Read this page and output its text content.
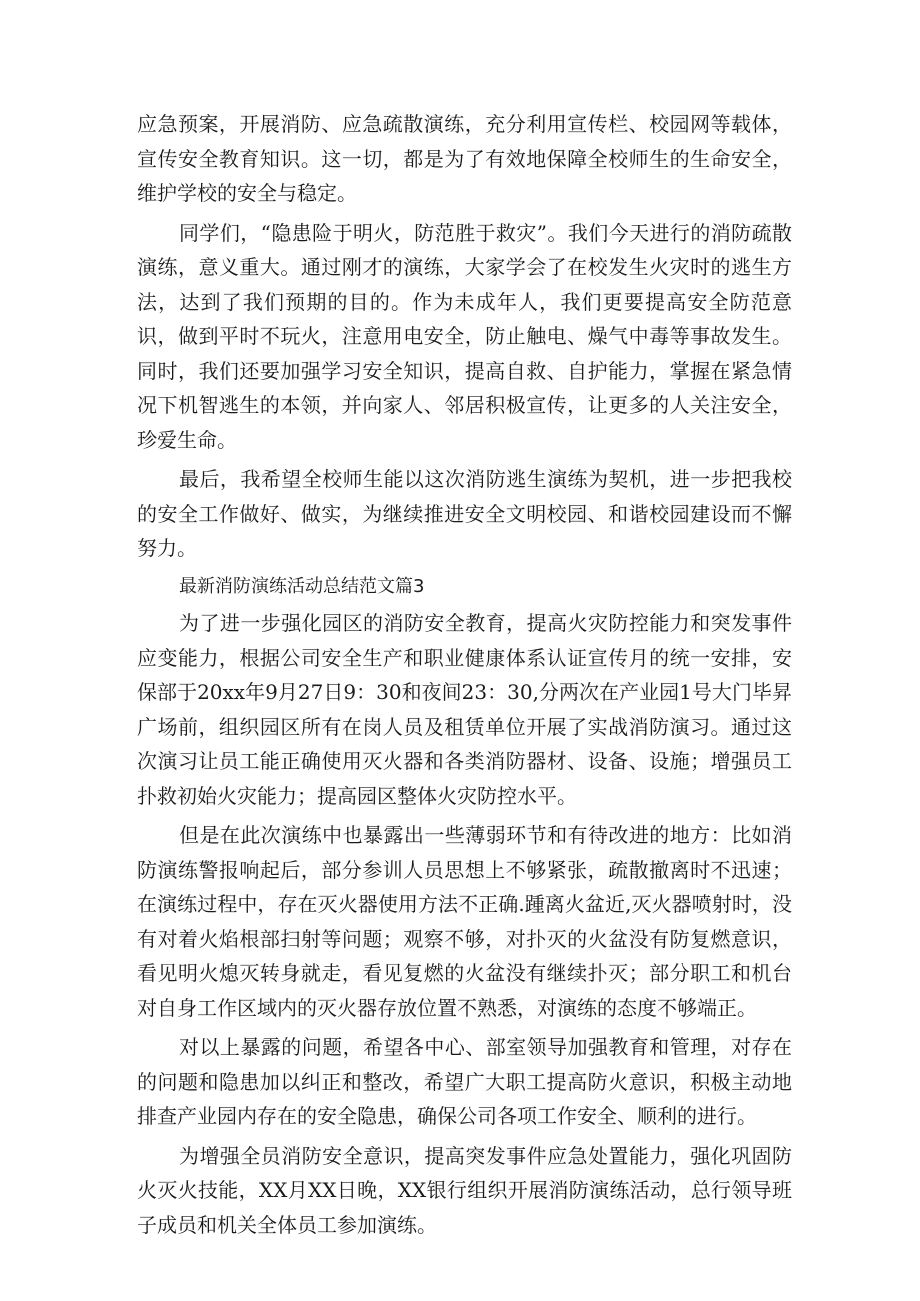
应急预案，开展消防、应急疏散演练，充分利用宣传栏、校园网等载体，宣传安全教育知识。这一切，都是为了有效地保障全校师生的生命安全，维护学校的安全与稳定。

同学们，“隐患险于明火，防范胜于救灾”。我们今天进行的消防疏散演练，意义重大。通过刚才的演练，大家学会了在校发生火灾时的逃生方法，达到了我们预期的目的。作为未成年人，我们更要提高安全防范意识，做到平时不玩火，注意用电安全，防止触电、燥气中毒等事故发生。同时，我们还要加强学习安全知识，提高自救、自护能力，掌握在紧急情况下机智逃生的本领，并向家人、邻居积极宣传，让更多的人关注安全，珍爱生命。

最后，我希望全校师生能以这次消防逃生演练为契机，进一步把我校的安全工作做好、做实，为继续推进安全文明校园、和谐校园建设而不懈努力。

最新消防演练活动总结范文篇3

为了进一步强化园区的消防安全教育，提高火灾防控能力和突发事件应变能力，根据公司安全生产和职业健康体系认证宣传月的统一安排，安保部于20xx年9月27日9：30和夜间23：30,分两次在产业园1号大门毕昇广场前，组织园区所有在岗人员及租赁单位开展了实战消防演习。通过这次演习让员工能正确使用灭火器和各类消防器材、设备、设施；增强员工扑救初始火灾能力；提高园区整体火灾防控水平。

但是在此次演练中也暴露出一些薄弱环节和有待改进的地方：比如消防演练警报响起后，部分参训人员思想上不够紧张，疏散撤离时不迅速；在演练过程中，存在灭火器使用方法不正确.踵离火盆近,灭火器喷射时，没有对着火焰根部扫射等问题；观察不够，对扑灭的火盆没有防复燃意识，看见明火熄灭转身就走，看见复燃的火盆没有继续扑灭；部分职工和机台对自身工作区域内的灭火器存放位置不熟悉，对演练的态度不够端正。

对以上暴露的问题，希望各中心、部室领导加强教育和管理，对存在的问题和隐患加以纠正和整改，希望广大职工提高防火意识，积极主动地排查产业园内存在的安全隐患，确保公司各项工作安全、顺利的进行。

为增强全员消防安全意识，提高突发事件应急处置能力，强化巩固防火灭火技能，XX月XX日晚，XX银行组织开展消防演练活动，总行领导班子成员和机关全体员工参加演练。
